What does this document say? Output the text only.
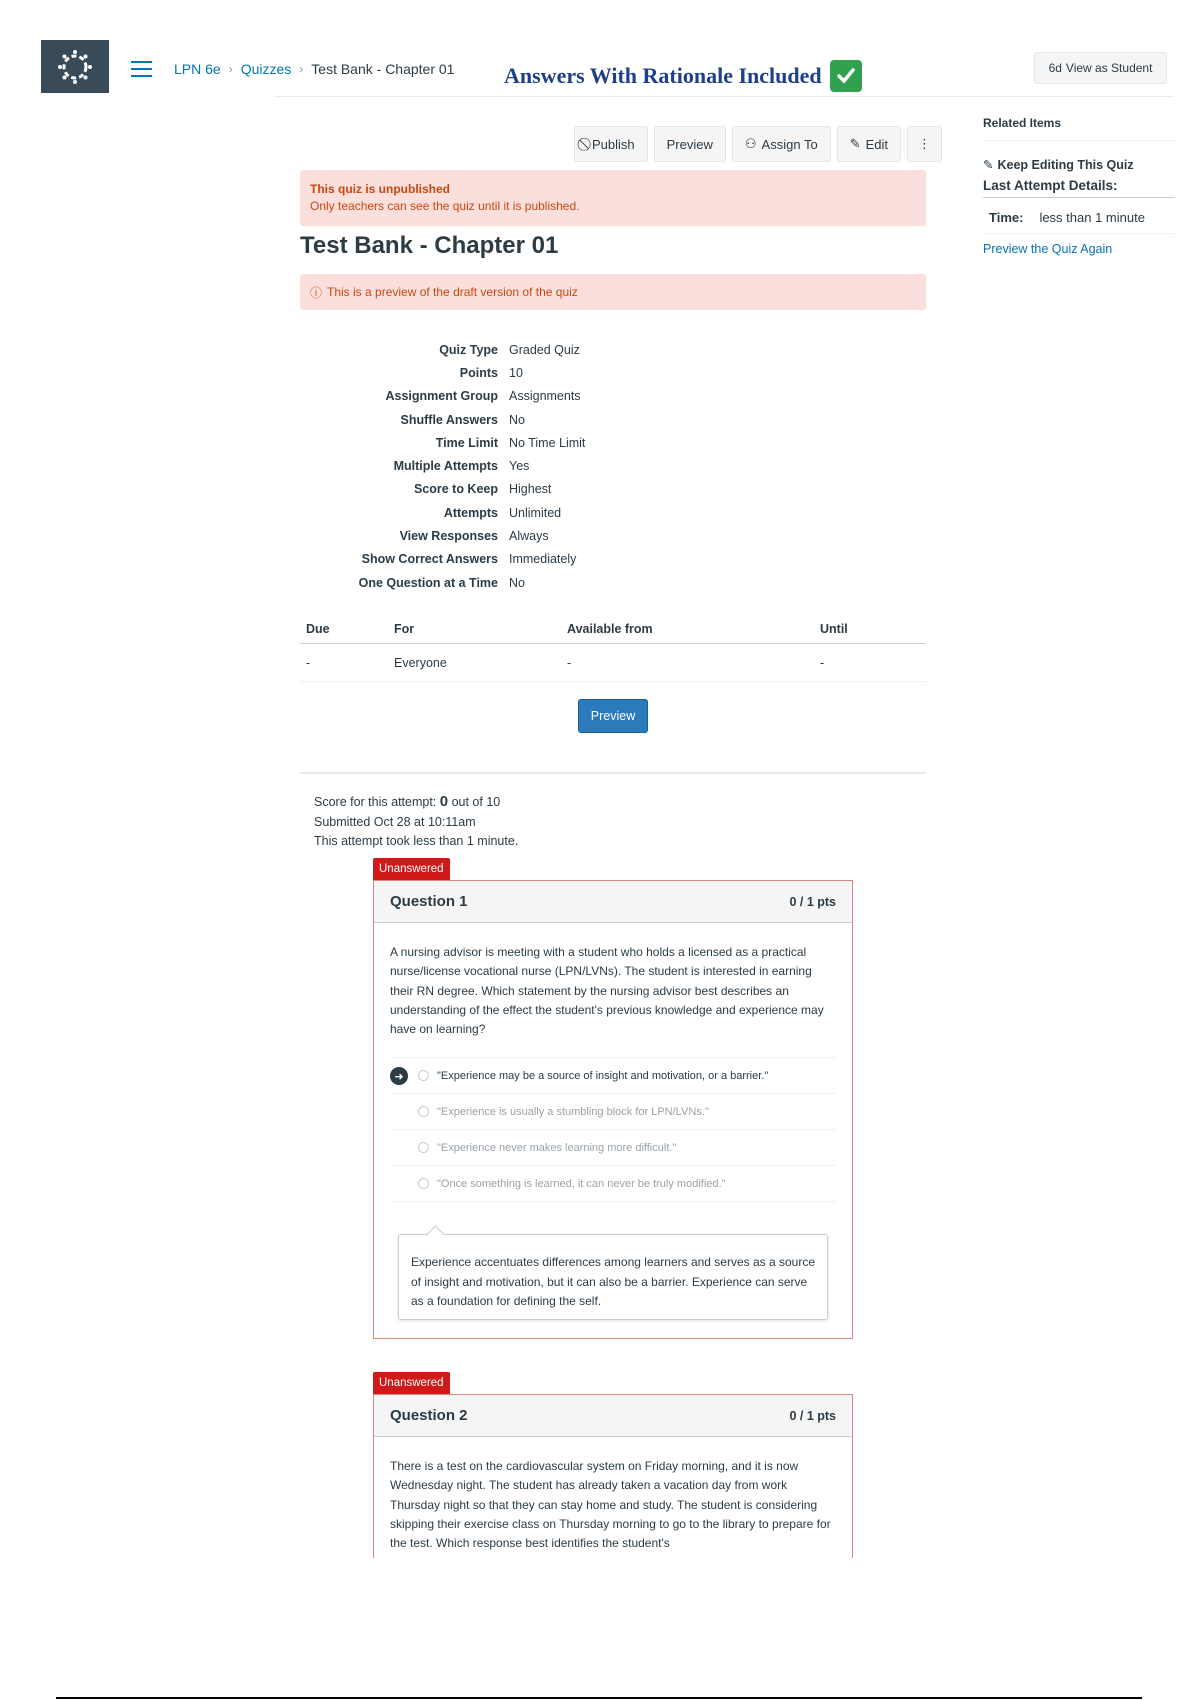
LPN 6e › Quizzes › Test Bank - Chapter 01 Answers With Rationale Included	6d View as Student
Publish Preview ⚇ Assign To ✎ Edit	⋮
This quiz is unpublished
Only teachers can see the quiz until it is published.
Test Bank - Chapter 01
ⓘ This is a preview of the draft version of the quiz
Quiz Type Graded Quiz
Points 10
Assignment Group Assignments
Shuffle Answers No
Time Limit No Time Limit
Multiple Attempts Yes
Score to Keep Highest
Attempts Unlimited
View Responses Always
Show Correct Answers Immediately
One Question at a Time No
Due	For	Available from	Until
-	Everyone	-	-
Preview
Score for this attempt: 0 out of 10
Submitted Oct 28 at 10:11am
This attempt took less than 1 minute.
Unanswered
Question 1	0 / 1 pts
A nursing advisor is meeting with a student who holds a licensed as a practical nurse/license vocational nurse (LPN/LVNs). The student is interested in earning their RN degree. Which statement by the nursing advisor best describes an understanding of the effect the student's previous knowledge and experience may have on learning?
➜	"Experience may be a source of insight and motivation, or a barrier."
"Experience is usually a stumbling block for LPN/LVNs."
"Experience never makes learning more difficult."
"Once something is learned, it can never be truly modified."
Experience accentuates differences among learners and serves as a source of insight and motivation, but it can also be a barrier. Experience can serve as a foundation for defining the self.
Unanswered
Question 2	0 / 1 pts
There is a test on the cardiovascular system on Friday morning, and it is now Wednesday night. The student has already taken a vacation day from work Thursday night so that they can stay home and study. The student is considering skipping their exercise class on Thursday morning to go to the library to prepare for the test. Which response best identifies the student's
Related Items
✎ Keep Editing This Quiz
Last Attempt Details:
Time: less than 1 minute
Preview the Quiz Again
